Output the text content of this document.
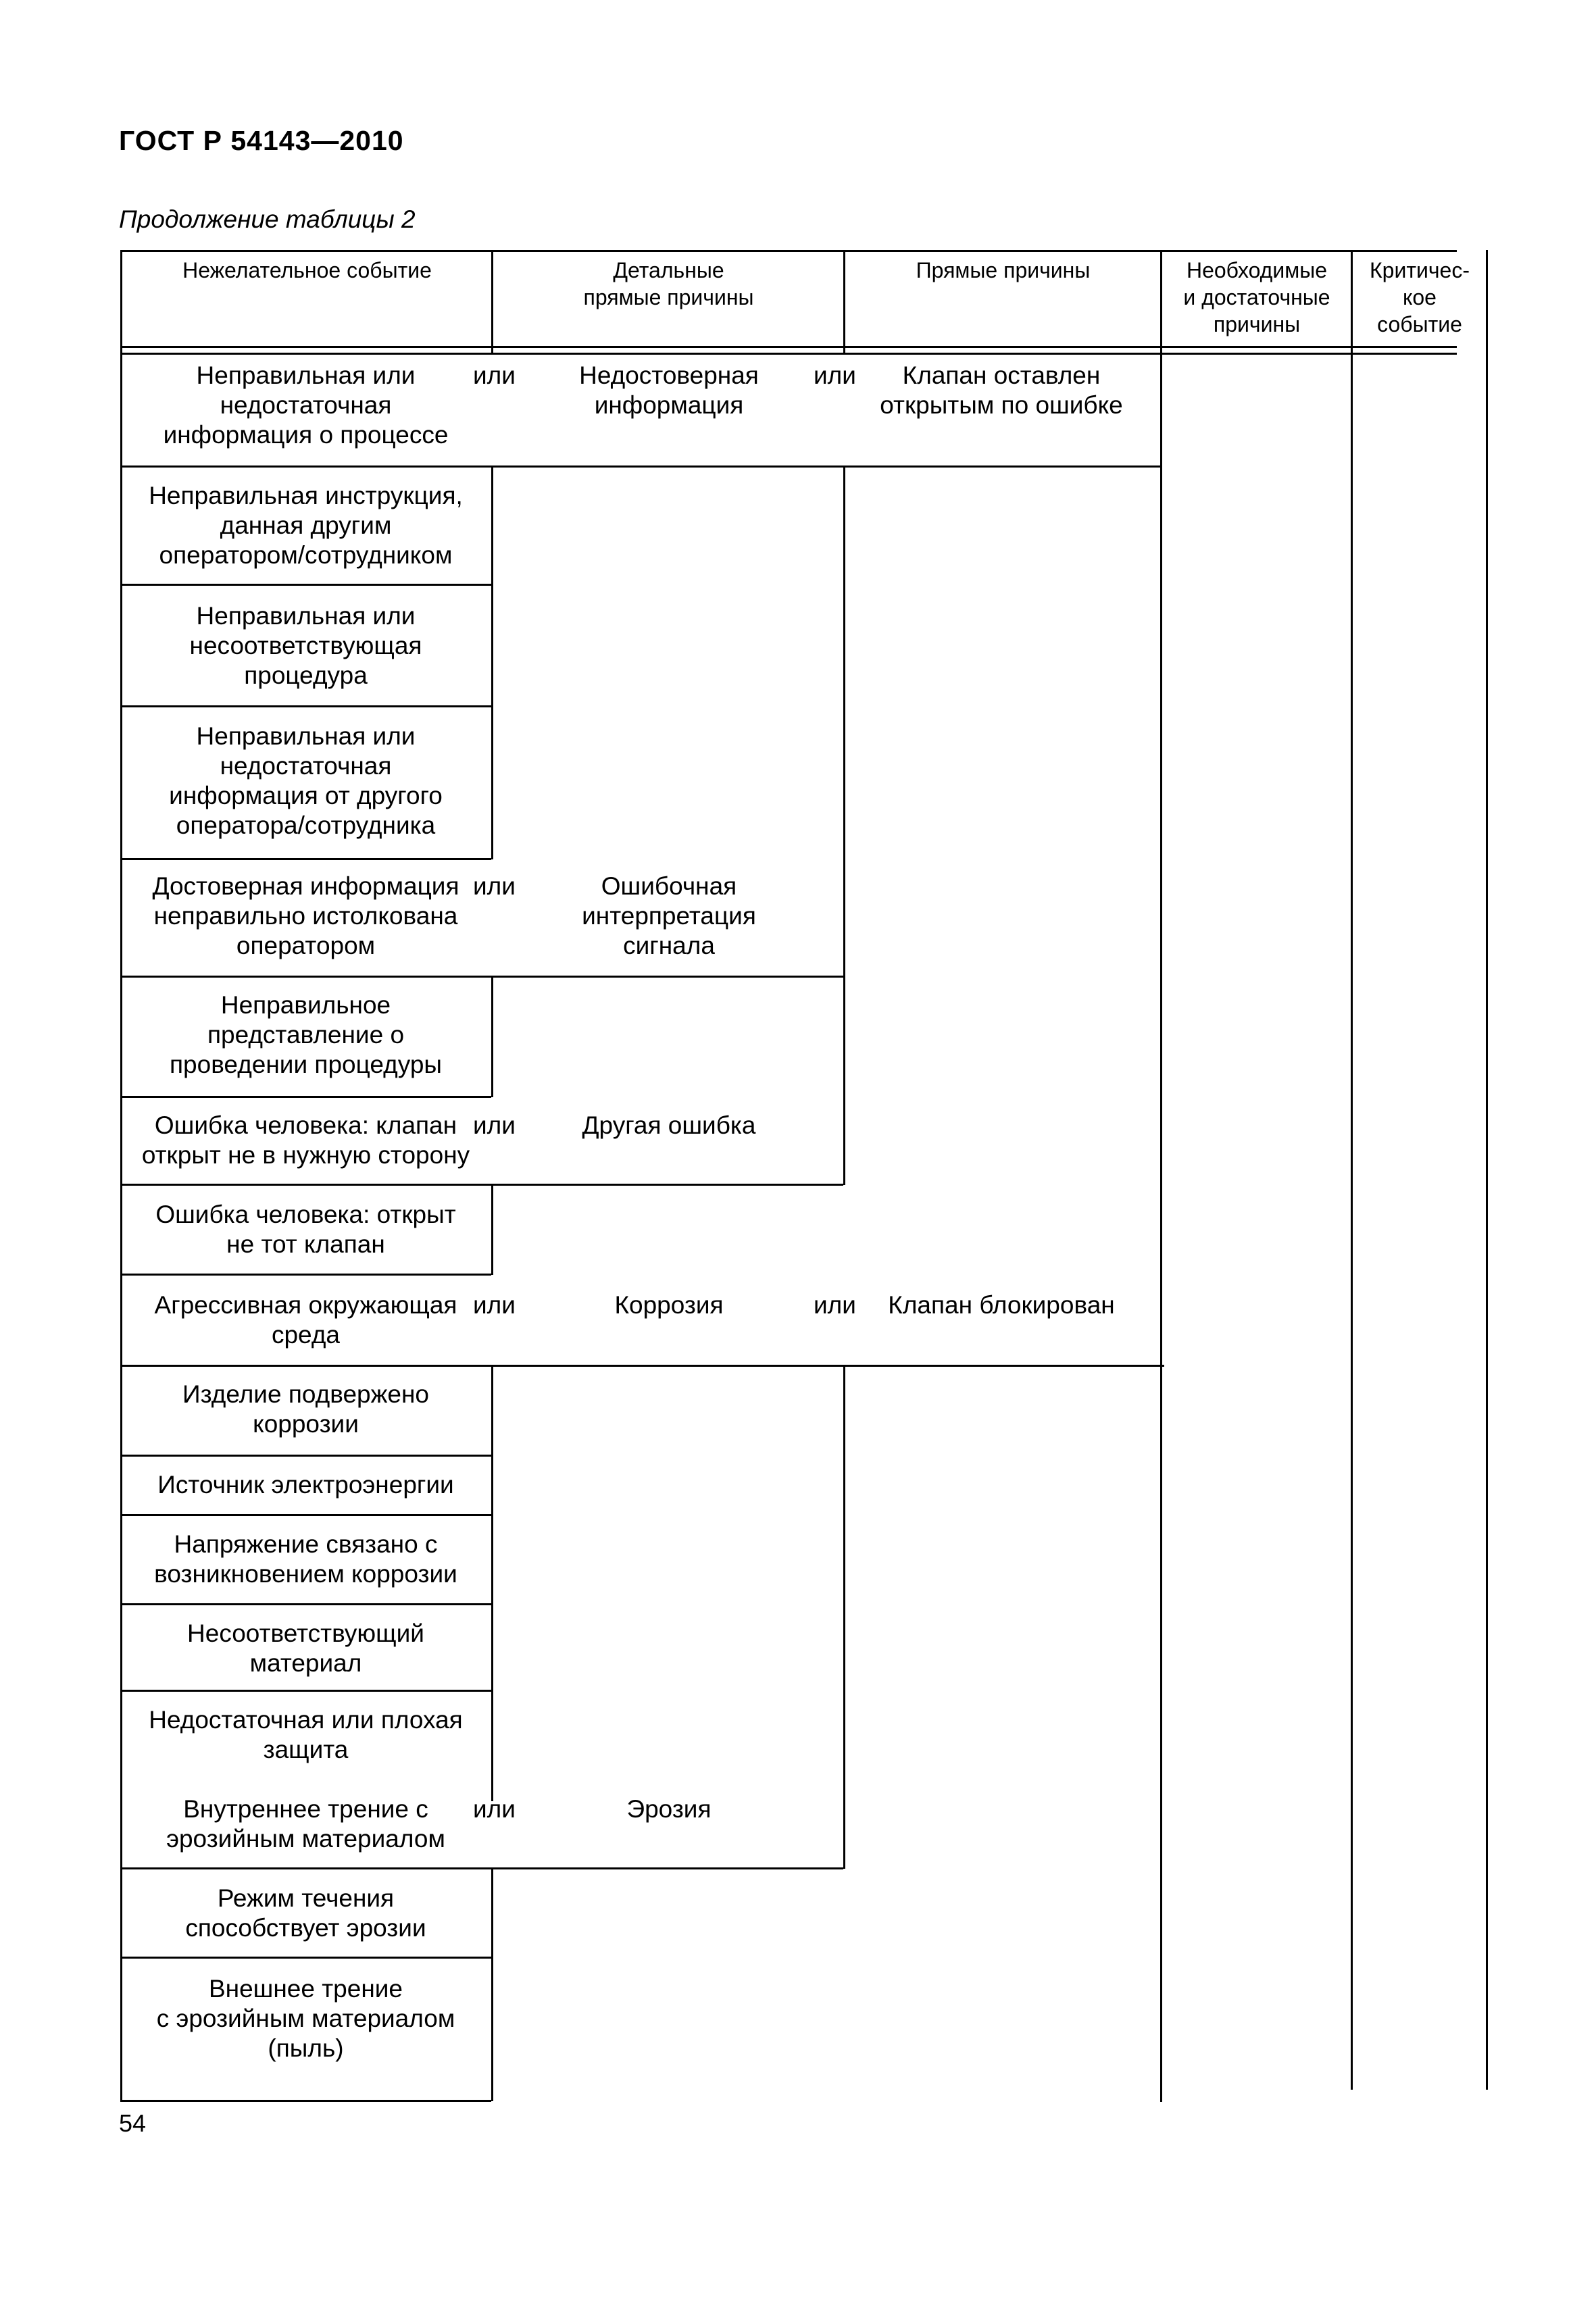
ГОСТ Р 54143—2010
Продолжение таблицы 2
Нежелательное событие	Детальные
прямые причины
Прямые причины	Необходимые
и достаточные
причины
Критичес-
кое
событие
Неправильная или
недостаточная
информация о процессе
Неправильная инструкция,
данная другим
оператором/сотрудником
Неправильная или
несоответствующая
процедура
Неправильная или
недостаточная
информация от другого
оператора/сотрудника
Достоверная информация
неправильно истолкована
оператором
Неправильное
представление о
проведении процедуры
Ошибка человека: клапан
открыт не в нужную сторону
Ошибка человека: открыт
не тот клапан
Агрессивная окружающая
среда
Изделие подвержено
коррозии
Источник электроэнергии
Напряжение связано с
возникновением коррозии
Несоответствующий
материал
Недостаточная или плохая
защита
Внутреннее трение с
эрозийным материалом
Режим течения
способствует эрозии
Внешнее трение
с эрозийным материалом
(пыль)
или
или
или
или
или
Недостоверная
информация
Ошибочная
интерпретация
сигнала
Другая ошибка
Коррозия
Эрозия
или
или
Клапан оставлен
открытым по ошибке
Клапан блокирован
54
